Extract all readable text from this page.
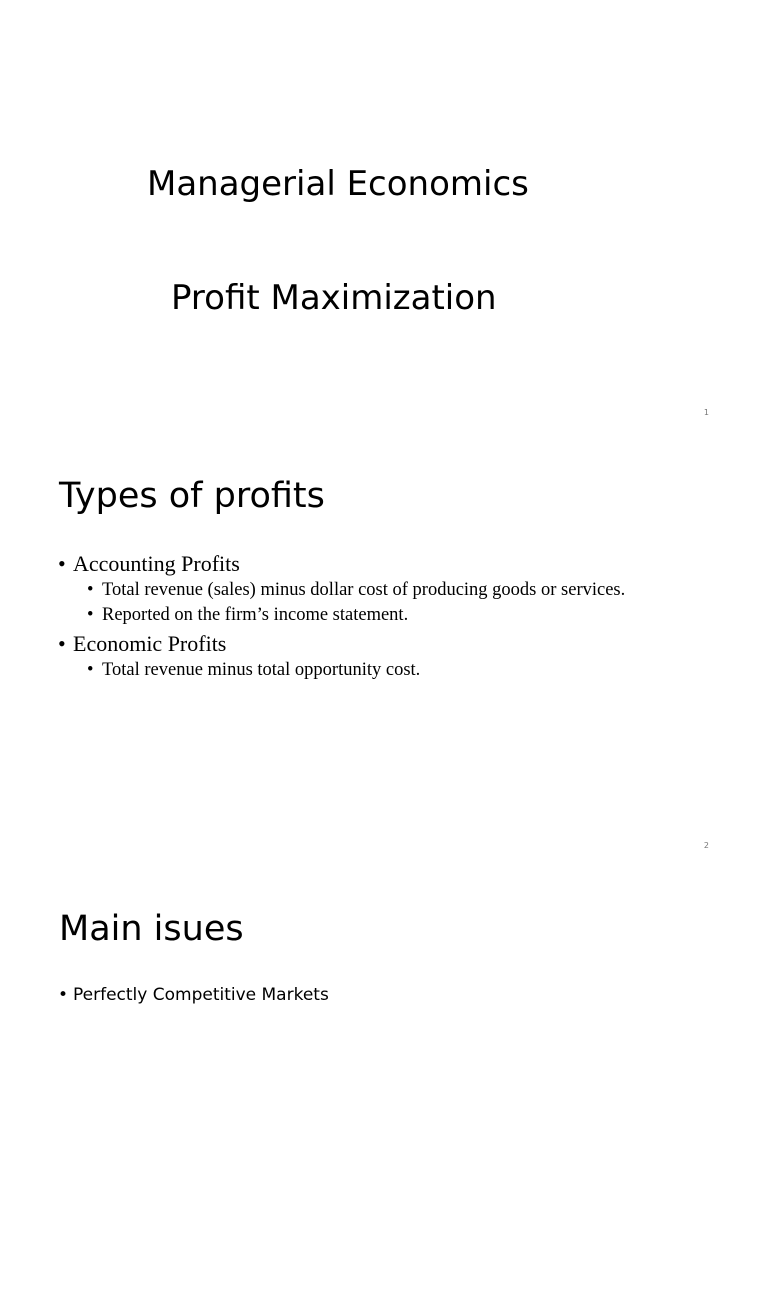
Managerial Economics
Profit Maximization
1
Types of profits
• Accounting Profits
• Total revenue (sales) minus dollar cost of producing goods or services.
• Reported on the firm’s income statement.
• Economic Profits
• Total revenue minus total opportunity cost.
2
Main isues
• Perfectly Competitive Markets
